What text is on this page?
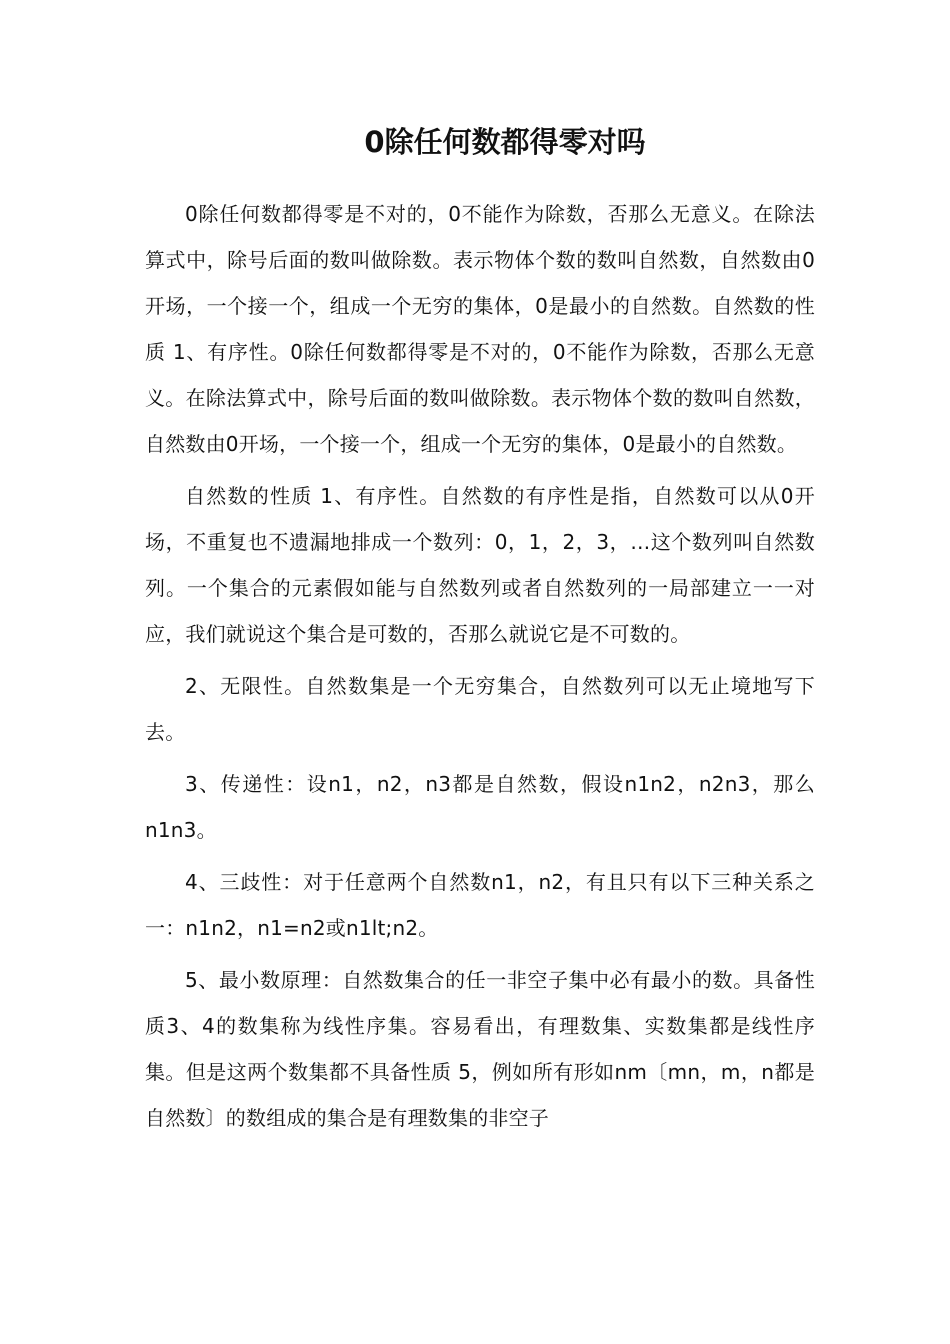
0除任何数都得零对吗

0除任何数都得零是不对的，0不能作为除数，否那么无意义。在除法算式中，除号后面的数叫做除数。表示物体个数的数叫自然数，自然数由0开场，一个接一个，组成一个无穷的集体，0是最小的自然数。自然数的性质 1、有序性。0除任何数都得零是不对的，0不能作为除数，否那么无意义。在除法算式中，除号后面的数叫做除数。表示物体个数的数叫自然数，自然数由0开场，一个接一个，组成一个无穷的集体，0是最小的自然数。

自然数的性质 1、有序性。自然数的有序性是指，自然数可以从0开场，不重复也不遗漏地排成一个数列：0，1，2，3，…这个数列叫自然数列。一个集合的元素假如能与自然数列或者自然数列的一局部建立一一对应，我们就说这个集合是可数的，否那么就说它是不可数的。

2、无限性。自然数集是一个无穷集合，自然数列可以无止境地写下去。

3、传递性：设n1，n2，n3都是自然数，假设n1n2，n2n3，那么n1n3。

4、三歧性：对于任意两个自然数n1，n2，有且只有以下三种关系之一：n1n2，n1=n2或n1lt;n2。

5、最小数原理：自然数集合的任一非空子集中必有最小的数。具备性质3、4的数集称为线性序集。容易看出，有理数集、实数集都是线性序集。但是这两个数集都不具备性质 5，例如所有形如nm〔mn，m，n都是自然数〕的数组成的集合是有理数集的非空子
